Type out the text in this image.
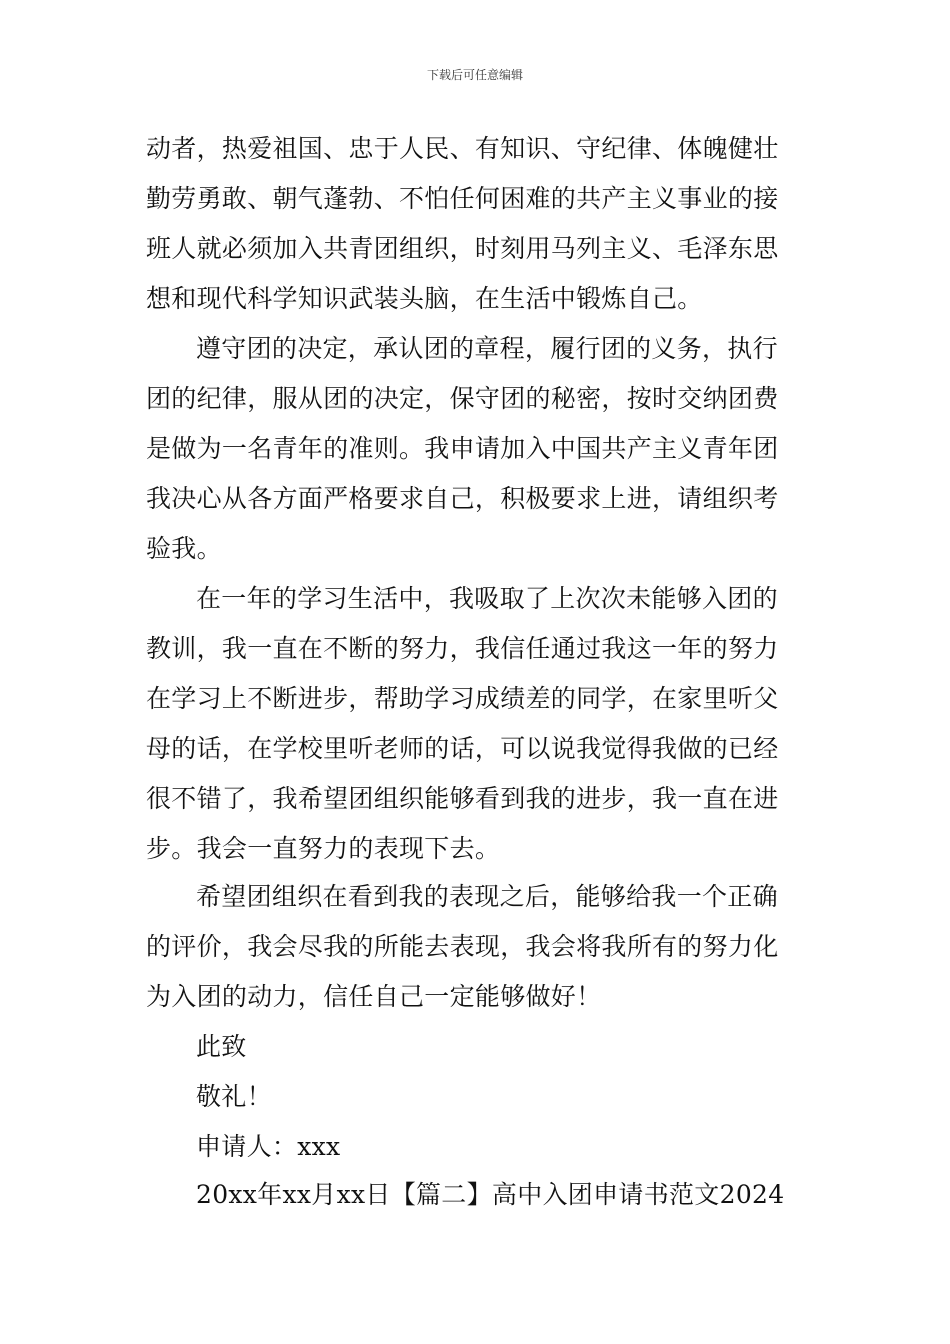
下载后可任意编辑
动者，热爱祖国、忠于人民、有知识、守纪律、体魄健壮
勤劳勇敢、朝气蓬勃、不怕任何困难的共产主义事业的接
班人就必须加入共青团组织，时刻用马列主义、毛泽东思
想和现代科学知识武装头脑，在生活中锻炼自己。
遵守团的决定，承认团的章程，履行团的义务，执行
团的纪律，服从团的决定，保守团的秘密，按时交纳团费
是做为一名青年的准则。我申请加入中国共产主义青年团
我决心从各方面严格要求自己，积极要求上进，请组织考
验我。
在一年的学习生活中，我吸取了上次次未能够入团的
教训，我一直在不断的努力，我信任通过我这一年的努力
在学习上不断进步，帮助学习成绩差的同学，在家里听父
母的话，在学校里听老师的话，可以说我觉得我做的已经
很不错了，我希望团组织能够看到我的进步，我一直在进
步。我会一直努力的表现下去。
希望团组织在看到我的表现之后，能够给我一个正确
的评价，我会尽我的所能去表现，我会将我所有的努力化
为入团的动力，信任自己一定能够做好！
此致
敬礼！
申请人：xxx
20xx年xx月xx日【篇二】高中入团申请书范文2024
